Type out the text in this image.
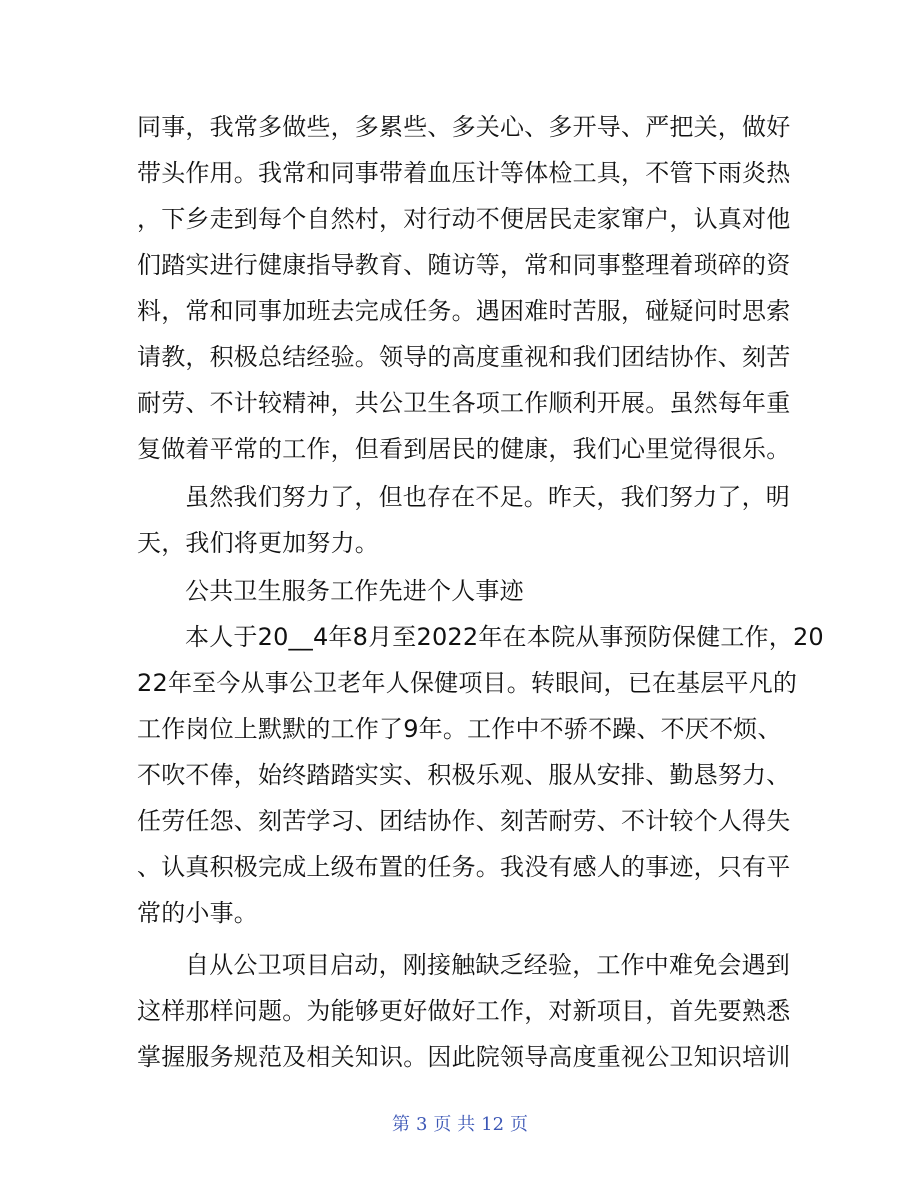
同事，我常多做些，多累些、多关心、多开导、严把关，做好
带头作用。我常和同事带着血压计等体检工具，不管下雨炎热
，下乡走到每个自然村，对行动不便居民走家窜户，认真对他
们踏实进行健康指导教育、随访等，常和同事整理着琐碎的资
料，常和同事加班去完成任务。遇困难时苦服，碰疑问时思索
请教，积极总结经验。领导的高度重视和我们团结协作、刻苦
耐劳、不计较精神，共公卫生各项工作顺利开展。虽然每年重
复做着平常的工作，但看到居民的健康，我们心里觉得很乐。
虽然我们努力了，但也存在不足。昨天，我们努力了，明
天，我们将更加努力。
公共卫生服务工作先进个人事迹
本人于20__4年8月至2022年在本院从事预防保健工作，20
22年至今从事公卫老年人保健项目。转眼间，已在基层平凡的
工作岗位上默默的工作了9年。工作中不骄不躁、不厌不烦、
不吹不俸，始终踏踏实实、积极乐观、服从安排、勤恳努力、
任劳任怨、刻苦学习、团结协作、刻苦耐劳、不计较个人得失
、认真积极完成上级布置的任务。我没有感人的事迹，只有平
常的小事。
自从公卫项目启动，刚接触缺乏经验，工作中难免会遇到
这样那样问题。为能够更好做好工作，对新项目，首先要熟悉
掌握服务规范及相关知识。因此院领导高度重视公卫知识培训
第 3 页 共 12 页
